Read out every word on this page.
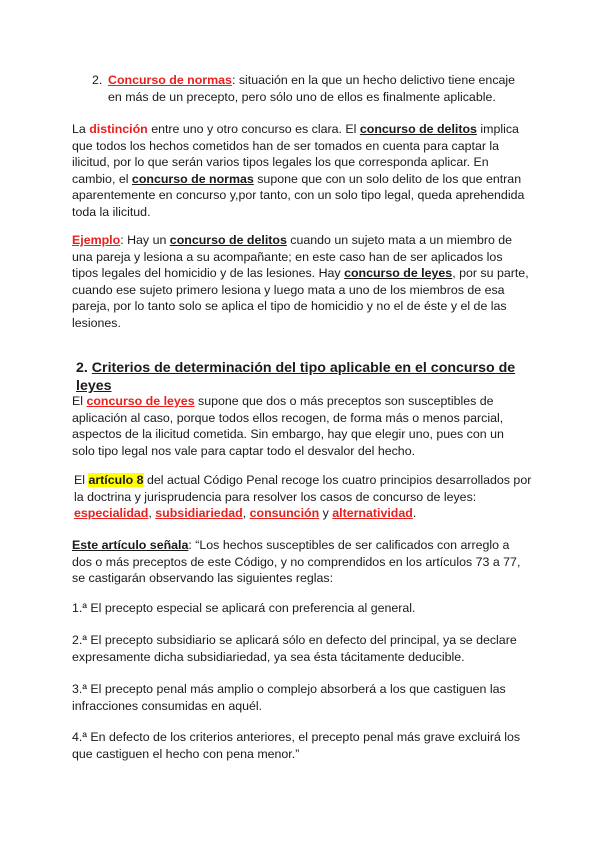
2. Concurso de normas: situación en la que un hecho delictivo tiene encaje en más de un precepto, pero sólo uno de ellos es finalmente aplicable.

La distinción entre uno y otro concurso es clara. El concurso de delitos implica que todos los hechos cometidos han de ser tomados en cuenta para captar la ilicitud, por lo que serán varios tipos legales los que corresponda aplicar. En cambio, el concurso de normas supone que con un solo delito de los que entran aparentemente en concurso y,por tanto, con un solo tipo legal, queda aprehendida toda la ilicitud.

Ejemplo: Hay un concurso de delitos cuando un sujeto mata a un miembro de una pareja y lesiona a su acompañante; en este caso han de ser aplicados los tipos legales del homicidio y de las lesiones. Hay concurso de leyes, por su parte, cuando ese sujeto primero lesiona y luego mata a uno de los miembros de esa pareja, por lo tanto solo se aplica el tipo de homicidio y no el de éste y el de las lesiones.

2. Criterios de determinación del tipo aplicable en el concurso de leyes

El concurso de leyes supone que dos o más preceptos son susceptibles de aplicación al caso, porque todos ellos recogen, de forma más o menos parcial, aspectos de la ilicitud cometida. Sin embargo, hay que elegir uno, pues con un solo tipo legal nos vale para captar todo el desvalor del hecho.

El artículo 8 del actual Código Penal recoge los cuatro principios desarrollados por la doctrina y jurisprudencia para resolver los casos de concurso de leyes: especialidad, subsidiariedad, consunción y alternatividad.

Este artículo señala: “Los hechos susceptibles de ser calificados con arreglo a dos o más preceptos de este Código, y no comprendidos en los artículos 73 a 77, se castigarán observando las siguientes reglas:

1.ª El precepto especial se aplicará con preferencia al general.

2.ª El precepto subsidiario se aplicará sólo en defecto del principal, ya se declare expresamente dicha subsidiariedad, ya sea ésta tácitamente deducible.

3.ª El precepto penal más amplio o complejo absorberá a los que castiguen las infracciones consumidas en aquél.

4.ª En defecto de los criterios anteriores, el precepto penal más grave excluirá los que castiguen el hecho con pena menor.”
